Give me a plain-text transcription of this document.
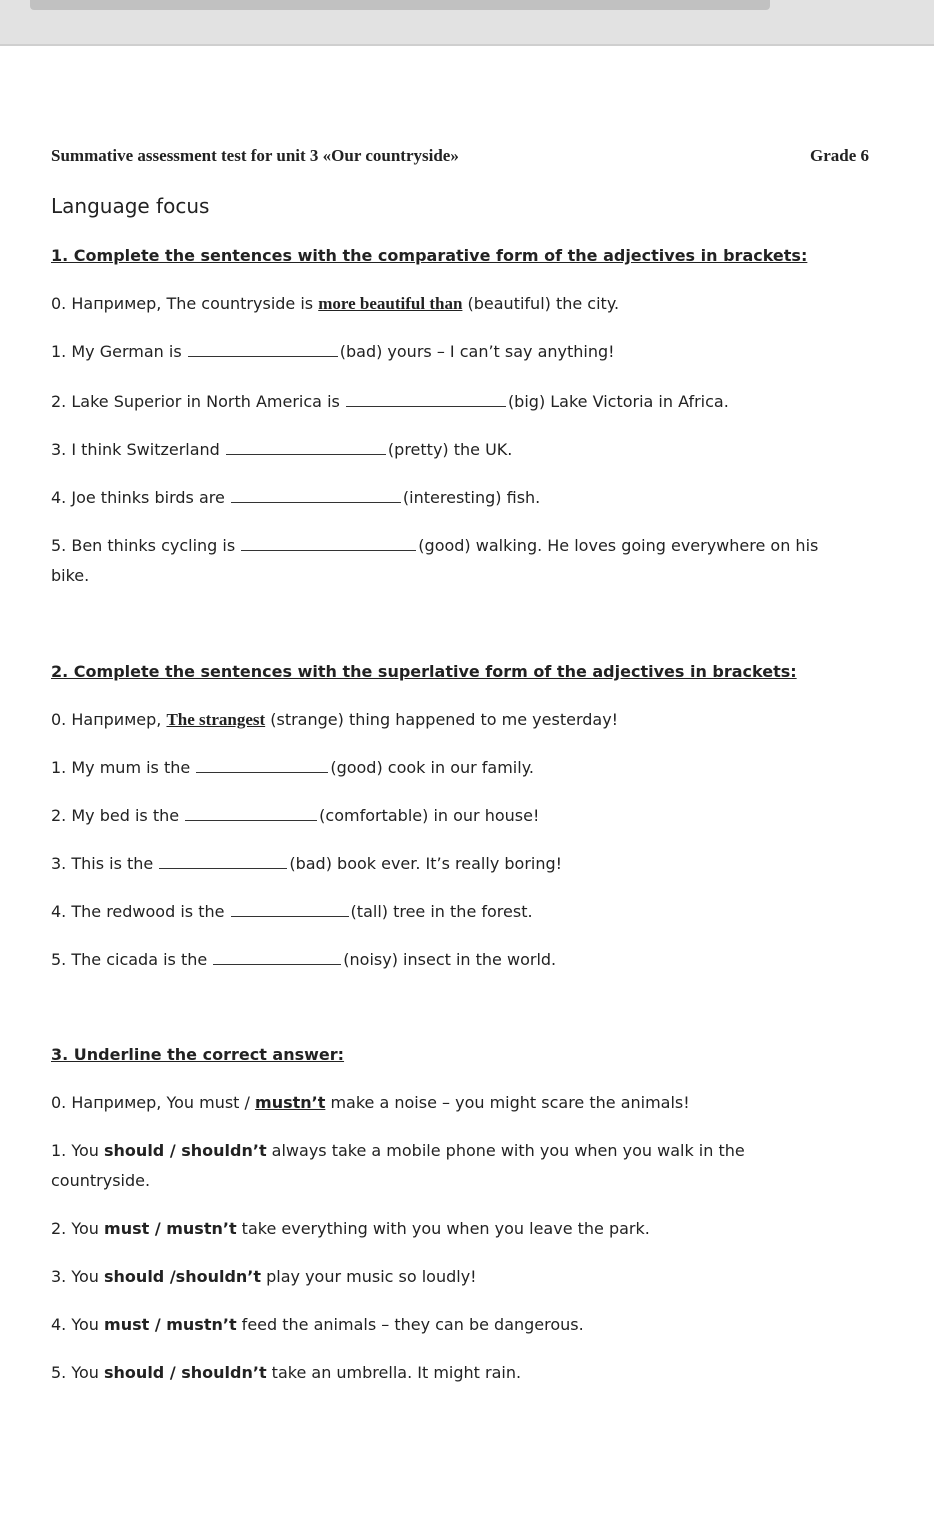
Summative assessment test for unit 3 «Our countryside»	Grade 6
Language focus
1. Complete the sentences with the comparative form of the adjectives in brackets:
0. Например, The countryside is more beautiful than (beautiful) the city.
1. My German is	(bad) yours – I can’t say anything!
2. Lake Superior in North America is	(big) Lake Victoria in Africa.
3. I think Switzerland	(pretty) the UK.
4. Joe thinks birds are	(interesting) fish.
5. Ben thinks cycling is	(good) walking. He loves going everywhere on his
bike.
2. Complete the sentences with the superlative form of the adjectives in brackets:
0. Например, The strangest (strange) thing happened to me yesterday!
1. My mum is the	(good) cook in our family.
2. My bed is the	(comfortable) in our house!
3. This is the	(bad) book ever. It’s really boring!
4. The redwood is the	(tall) tree in the forest.
5. The cicada is the	(noisy) insect in the world.
3. Underline the correct answer:
0. Например, You must / mustn’t make a noise – you might scare the animals!
1. You should / shouldn’t always take a mobile phone with you when you walk in the
countryside.
2. You must / mustn’t take everything with you when you leave the park.
3. You should /shouldn’t play your music so loudly!
4. You must / mustn’t feed the animals – they can be dangerous.
5. You should / shouldn’t take an umbrella. It might rain.
